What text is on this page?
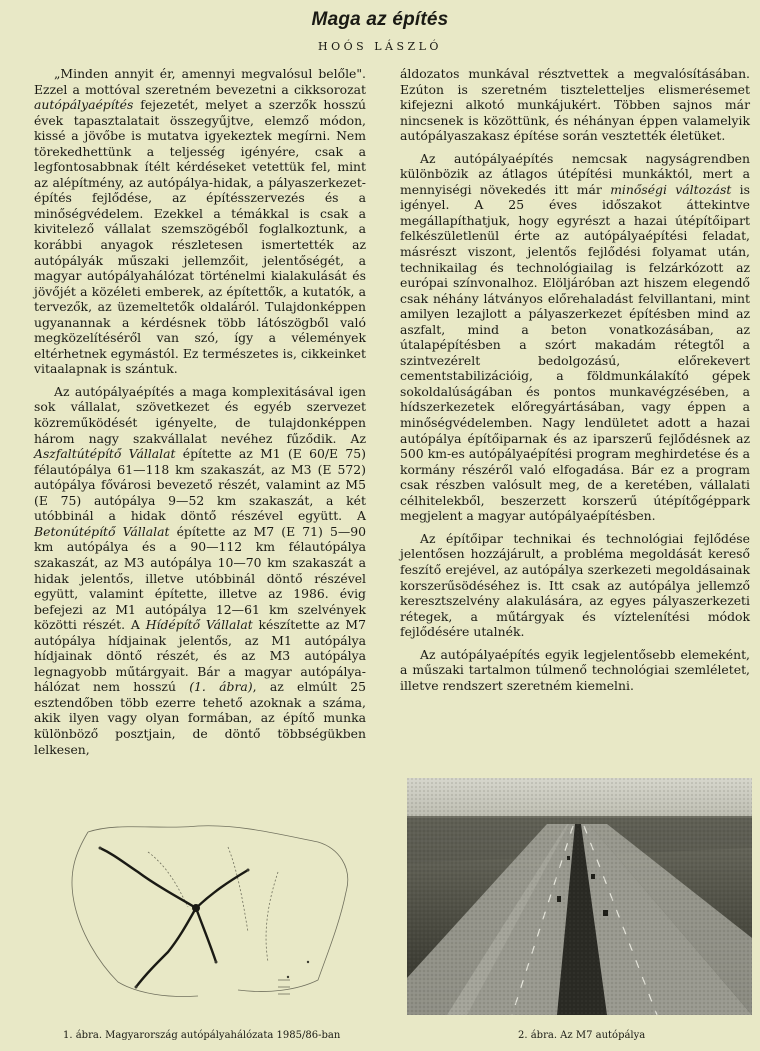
Maga az építés
HOÓS LÁSZLÓ

„Minden annyit ér, amennyi megvalósul belőle". Ezzel a mottóval szeretném bevezetni a cikksorozat autópályaépítés fejezetét, melyet a szerzők hosszú évek tapasztalatait összegyűjtve, elemző módon, kissé a jövőbe is mutatva igyekeztek megírni. Nem törekedhettünk a teljesség igényére, csak a legfontosabbnak ítélt kérdéseket vetettük fel, mint az alépítmény, az autópálya-hidak, a pályaszerkezet-építés fejlődése, az építésszervezés és a minőségvédelem. Ezekkel a témákkal is csak a kivitelező vállalat szemszögéből foglalkoztunk, a korábbi anyagok részletesen ismertették az autópályák műszaki jellemzőit, jelentőségét, a magyar autópályahálózat történelmi kialakulását és jövőjét a közéleti emberek, az építettők, a kutatók, a tervezők, az üzemeltetők oldaláról. Tulajdonképpen ugyanannak a kérdésnek több látószögből való megközelítéséről van szó, így a vélemények eltérhetnek egymástól. Ez természetes is, cikkeinket vitaalapnak is szántuk.

Az autópályaépítés a maga komplexitásával igen sok vállalat, szövetkezet és egyéb szervezet közreműködését igényelte, de tulajdonképpen három nagy szakvállalat nevéhez fűződik. Az Aszfaltútépítő Vállalat építette az M1 (E 60/E 75) félautópálya 61—118 km szakaszát, az M3 (E 572) autópálya fővárosi bevezető részét, valamint az M5 (E 75) autópálya 9—52 km szakaszát, a két utóbbinál a hidak döntő részével együtt. A Betonútépítő Vállalat építette az M7 (E 71) 5—90 km autópálya és a 90—112 km félautópálya szakaszát, az M3 autópálya 10—70 km szakaszát a hidak jelentős, illetve utóbbinál döntő részével együtt, valamint építette, illetve az 1986. évig befejezi az M1 autópálya 12—61 km szelvények közötti részét. A Hídépítő Vállalat készítette az M7 autópálya hídjainak jelentős, az M1 autópálya hídjainak döntő részét, és az M3 autópálya legnagyobb műtárgyait. Bár a magyar autópálya-hálózat nem hosszú (1. ábra), az elmúlt 25 esztendőben több ezerre tehető azoknak a száma, akik ilyen vagy olyan formában, az építő munka különböző posztjain, de döntő többségükben lelkesen,

áldozatos munkával résztvettek a megvalósításában. Ezúton is szeretném tiszteletteljes elismerésemet kifejezni alkotó munkájukért. Többen sajnos már nincsenek is közöttünk, és néhányan éppen valamelyik autópályaszakasz építése során vesztették életüket.

Az autópályaépítés nemcsak nagyságrendben különbözik az átlagos útépítési munkáktól, mert a mennyiségi növekedés itt már minőségi változást is igényel. A 25 éves időszakot áttekintve megállapíthatjuk, hogy egyrészt a hazai útépítőipart felkészületlenül érte az autópályaépítési feladat, másrészt viszont, jelentős fejlődési folyamat után, technikailag és technológiailag is felzárkózott az európai színvonalhoz. Elöljáróban azt hiszem elegendő csak néhány látványos előrehaladást felvillantani, mint amilyen lezajlott a pályaszerkezet építésben mind az aszfalt, mind a beton vonatkozásában, az útalapépítésben a szórt makadám rétegtől a szintvezérelt bedolgozású, előrekevert cementstabilizációig, a földmunkálakító gépek sokoldalúságában és pontos munkavégzésében, a hídszerkezetek előregyártásában, vagy éppen a minőségvédelemben. Nagy lendületet adott a hazai autópálya építőiparnak és az iparszerű fejlődésnek az 500 km-es autópályaépítési program meghirdetése és a kormány részéről való elfogadása. Bár ez a program csak részben valósult meg, de a keretében, vállalati célhitelekből, beszerzett korszerű útépítőgéppark megjelent a magyar autópályaépítésben.

Az építőipar technikai és technológiai fejlődése jelentősen hozzájárult, a probléma megoldását kereső feszítő erejével, az autópálya szerkezeti megoldásainak korszerűsödéséhez is. Itt csak az autópálya jellemző keresztszelvény alakulására, az egyes pályaszerkezeti rétegek, a műtárgyak és víztelenítési módok fejlődésére utalnék.

Az autópályaépítés egyik legjelentősebb elemeként, a műszaki tartalmon túlmenő technológiai szemléletet, illetve rendszert szeretném kiemelni.

1. ábra. Magyarország autópályahálózata 1985/86-ban	2. ábra. Az M7 autópálya
